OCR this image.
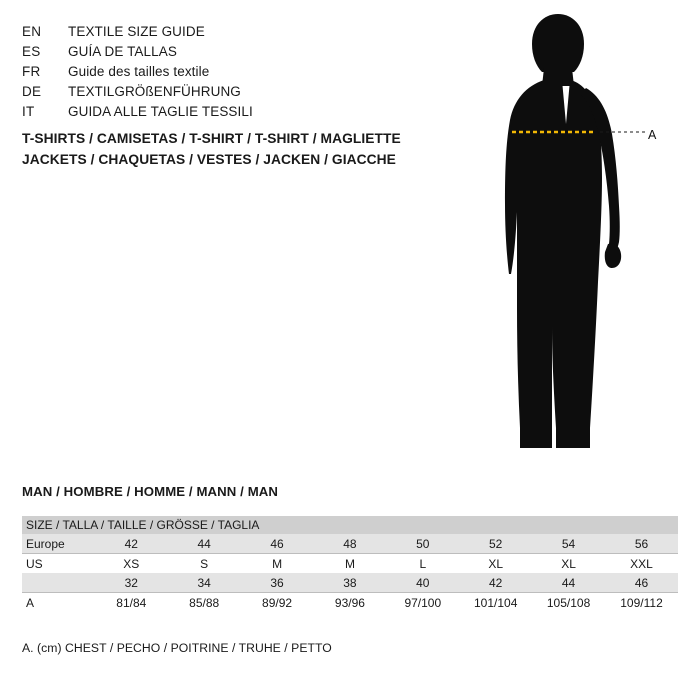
EN	TEXTILE SIZE GUIDE
ES	GUÍA DE TALLAS
FR	Guide des tailles textile
DE	TEXTILGRÖßENFÜHRUNG
IT	GUIDA ALLE TAGLIE TESSILI
T-SHIRTS / CAMISETAS / T-SHIRT / T-SHIRT / MAGLIETTE
JACKETS / CHAQUETAS / VESTES / JACKEN / GIACCHE
A
MAN / HOMBRE / HOMME / MANN / MAN
SIZE / TALLA / TAILLE / GRÖSSE / TAGLIA								
Europe	42	44	46	48	50	52	54	56
US	XS	S	M	M	L	XL	XL	XXL
	32	34	36	38	40	42	44	46
A	81/84	85/88	89/92	93/96	97/100	101/104	105/108	109/112
A. (cm) CHEST / PECHO / POITRINE / TRUHE / PETTO
